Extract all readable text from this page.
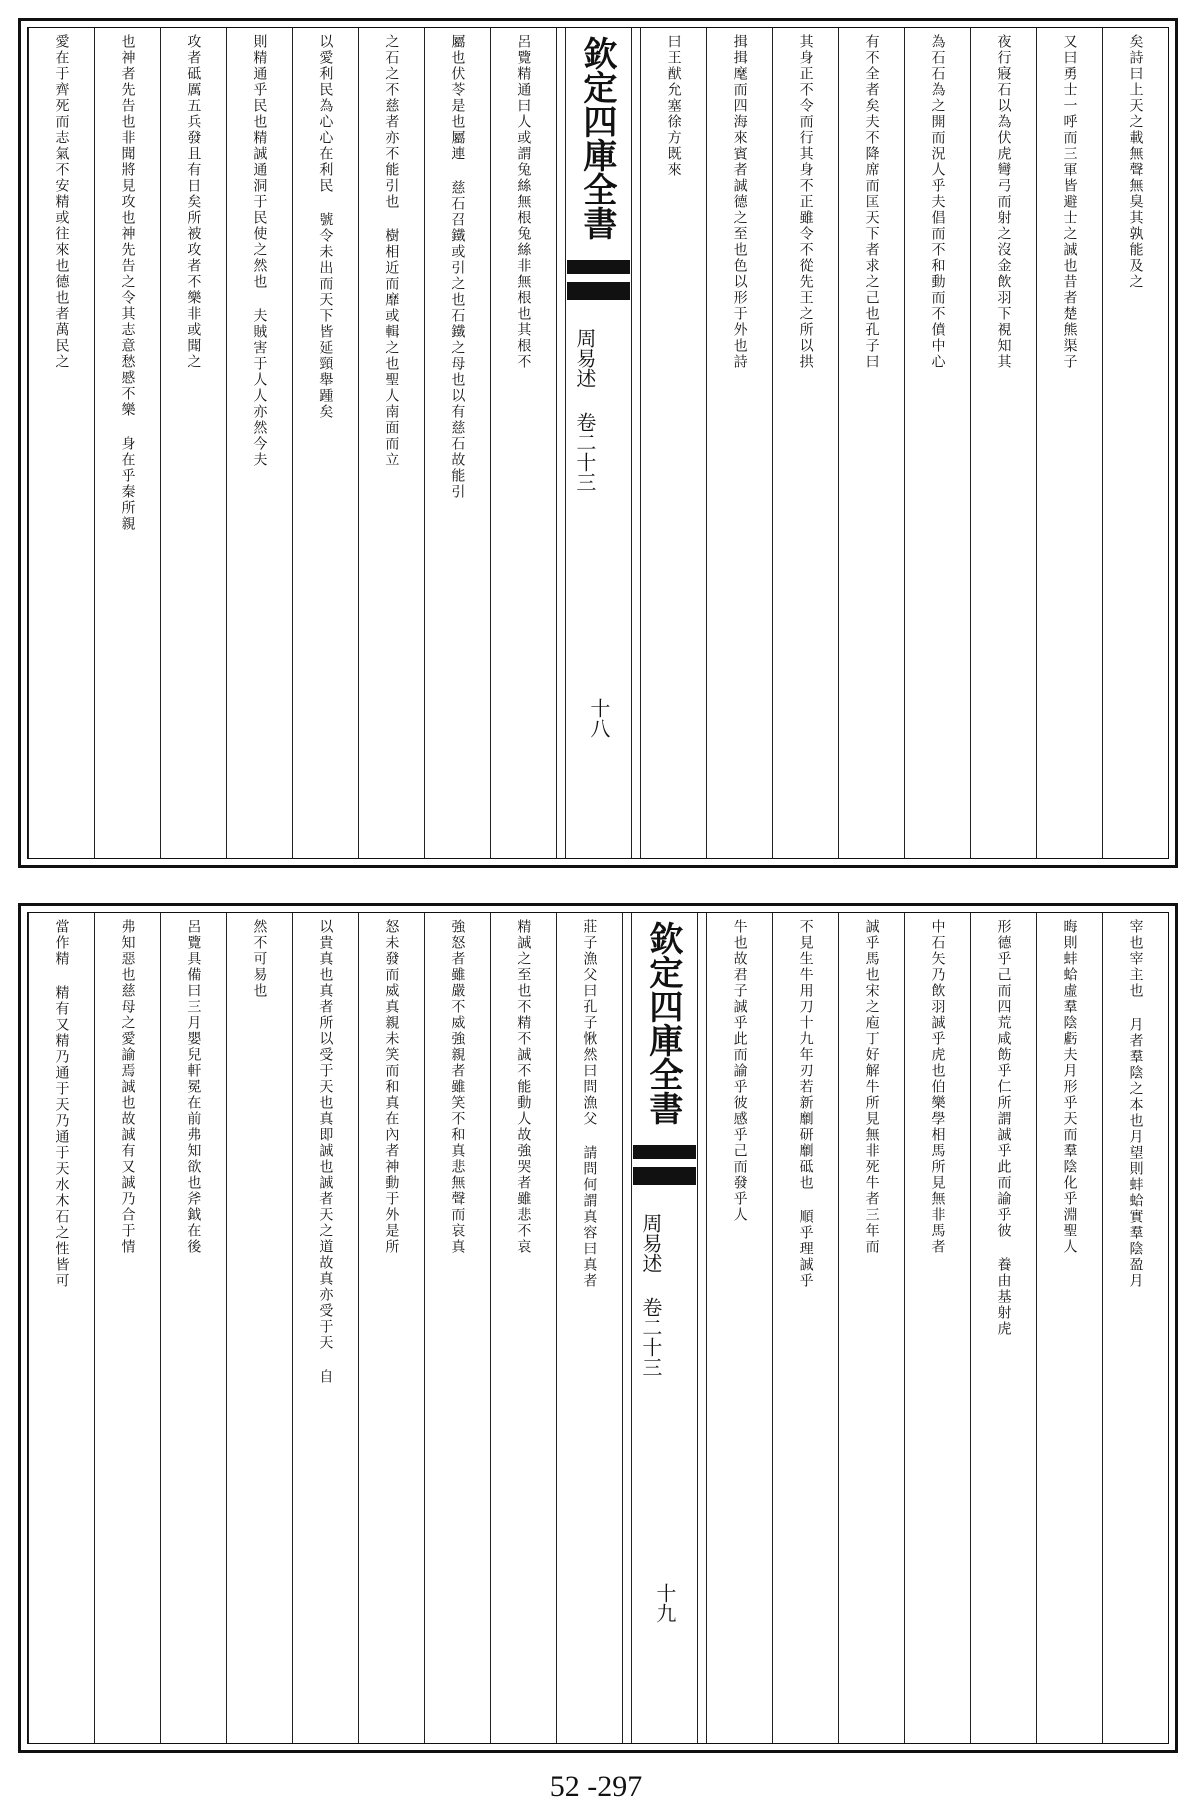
矣詩曰上天之載無聲無臭其孰能及之
又曰勇士一呼而三軍皆避士之誠也昔者楚熊渠子
夜行寢石以為伏虎彎弓而射之沒金飲羽下視知其
為石石為之開而況人乎夫倡而不和動而不僨中心
有不全者矣夫不降席而匡天下者求之己也孔子曰
其身正不令而行其身不正雖令不從先王之所以拱
揖揖麾而四海來賓者誠德之至也色以形于外也詩
曰王猷允塞徐方既來
欽定四庫全書
周易述 卷二十三
十八
呂覽精通曰人或謂兔絲無根兔絲非無根也其根不
屬也伏苓是也屬連 慈石召鐵或引之也石鐵之母也以有慈石故能引
之石之不慈者亦不能引也 樹相近而靡或輯之也聖人南面而立
以愛利民為心心在利民 號令未出而天下皆延頸舉踵矣
則精通乎民也精誠通洞于民使之然也 夫賊害于人人亦然今夫
攻者砥厲五兵發且有日矣所被攻者不樂非或聞之
也神者先告也非聞將見攻也神先告之令其志意愁慼不樂 身在乎秦所親
愛在于齊死而志氣不安精或往來也德也者萬民之
宰也宰主也 月者羣陰之本也月望則蚌蛤實羣陰盈月
晦則蚌蛤虛羣陰虧夫月形乎天而羣陰化乎淵聖人
形德乎己而四荒咸飭乎仁所謂誠乎此而諭乎彼 養由基射虎
中石矢乃飲羽誠乎虎也伯樂學相馬所見無非馬者
誠乎馬也宋之庖丁好解牛所見無非死牛者三年而
不見生牛用刀十九年刃若新劘研劘砥也 順乎理誠乎
牛也故君子誠乎此而諭乎彼感乎己而發乎人
欽定四庫全書
周易述 卷二十三
十九
莊子漁父曰孔子愀然曰問漁父 請問何謂真容曰真者
精誠之至也不精不誠不能動人故強哭者雖悲不哀
強怒者雖嚴不威強親者雖笑不和真悲無聲而哀真
怒未發而威真親未笑而和真在內者神動于外是所
以貴真也真者所以受于天也真即誠也誠者天之道故真亦受于天 自
然不可易也
呂覽具備曰三月嬰兒軒冕在前弗知欲也斧鉞在後
弗知惡也慈母之愛諭焉誠也故誠有又誠乃合于情
當作精 精有又精乃通于天乃通于天水木石之性皆可
52 -297
